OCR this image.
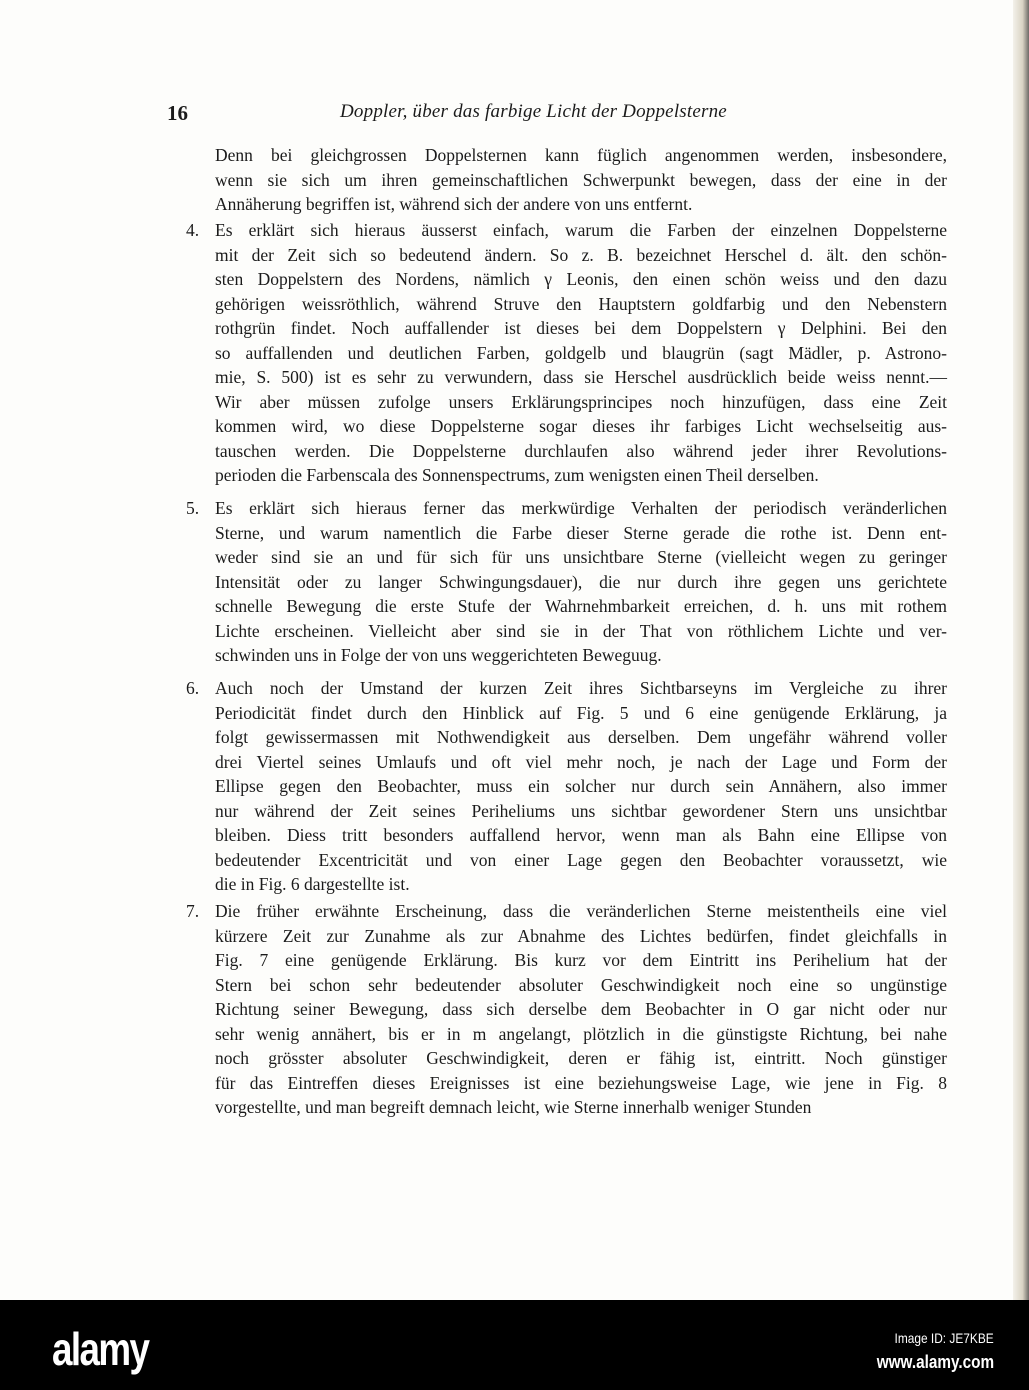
16	Doppler, über das farbige Licht der Doppelsterne
Denn bei gleichgrossen Doppelsternen kann füglich angenommen werden, insbesondere,
wenn sie sich um ihren gemeinschaftlichen Schwerpunkt bewegen, dass der eine in der
Annäherung begriffen ist, während sich der andere von uns entfernt.
4. Es erklärt sich hieraus äusserst einfach, warum die Farben der einzelnen Doppelsterne
mit der Zeit sich so bedeutend ändern. So z. B. bezeichnet Herschel d. ält. den schön-
sten Doppelstern des Nordens, nämlich γ Leonis, den einen schön weiss und den dazu
gehörigen weissröthlich, während Struve den Hauptstern goldfarbig und den Nebenstern
rothgrün findet. Noch auffallender ist dieses bei dem Doppelstern γ Delphini. Bei den
so auffallenden und deutlichen Farben, goldgelb und blaugrün (sagt Mädler, p. Astrono-
mie, S. 500) ist es sehr zu verwundern, dass sie Herschel ausdrücklich beide weiss nennt.—
Wir aber müssen zufolge unsers Erklärungsprincipes noch hinzufügen, dass eine Zeit
kommen wird, wo diese Doppelsterne sogar dieses ihr farbiges Licht wechselseitig aus-
tauschen werden. Die Doppelsterne durchlaufen also während jeder ihrer Revolutions-
perioden die Farbenscala des Sonnenspectrums, zum wenigsten einen Theil derselben.
5. Es erklärt sich hieraus ferner das merkwürdige Verhalten der periodisch veränderlichen
Sterne, und warum namentlich die Farbe dieser Sterne gerade die rothe ist. Denn ent-
weder sind sie an und für sich für uns unsichtbare Sterne (vielleicht wegen zu geringer
Intensität oder zu langer Schwingungsdauer), die nur durch ihre gegen uns gerichtete
schnelle Bewegung die erste Stufe der Wahrnehmbarkeit erreichen, d. h. uns mit rothem
Lichte erscheinen. Vielleicht aber sind sie in der That von röthlichem Lichte und ver-
schwinden uns in Folge der von uns weggerichteten Beweguug.
6. Auch noch der Umstand der kurzen Zeit ihres Sichtbarseyns im Vergleiche zu ihrer
Periodicität findet durch den Hinblick auf Fig. 5 und 6 eine genügende Erklärung, ja
folgt gewissermassen mit Nothwendigkeit aus derselben. Dem ungefähr während voller
drei Viertel seines Umlaufs und oft viel mehr noch, je nach der Lage und Form der
Ellipse gegen den Beobachter, muss ein solcher nur durch sein Annähern, also immer
nur während der Zeit seines Periheliums uns sichtbar gewordener Stern uns unsichtbar
bleiben. Diess tritt besonders auffallend hervor, wenn man als Bahn eine Ellipse von
bedeutender Excentricität und von einer Lage gegen den Beobachter voraussetzt, wie
die in Fig. 6 dargestellte ist.
7. Die früher erwähnte Erscheinung, dass die veränderlichen Sterne meistentheils eine viel
kürzere Zeit zur Zunahme als zur Abnahme des Lichtes bedürfen, findet gleichfalls in
Fig. 7 eine genügende Erklärung. Bis kurz vor dem Eintritt ins Perihelium hat der
Stern bei schon sehr bedeutender absoluter Geschwindigkeit noch eine so ungünstige
Richtung seiner Bewegung, dass sich derselbe dem Beobachter in O gar nicht oder nur
sehr wenig annähert, bis er in m angelangt, plötzlich in die günstigste Richtung, bei nahe
noch grösster absoluter Geschwindigkeit, deren er fähig ist, eintritt. Noch günstiger
für das Eintreffen dieses Ereignisses ist eine beziehungsweise Lage, wie jene in Fig. 8
vorgestellte, und man begreift demnach leicht, wie Sterne innerhalb weniger Stunden
alamy	Image ID: JE7KBE
www.alamy.com
